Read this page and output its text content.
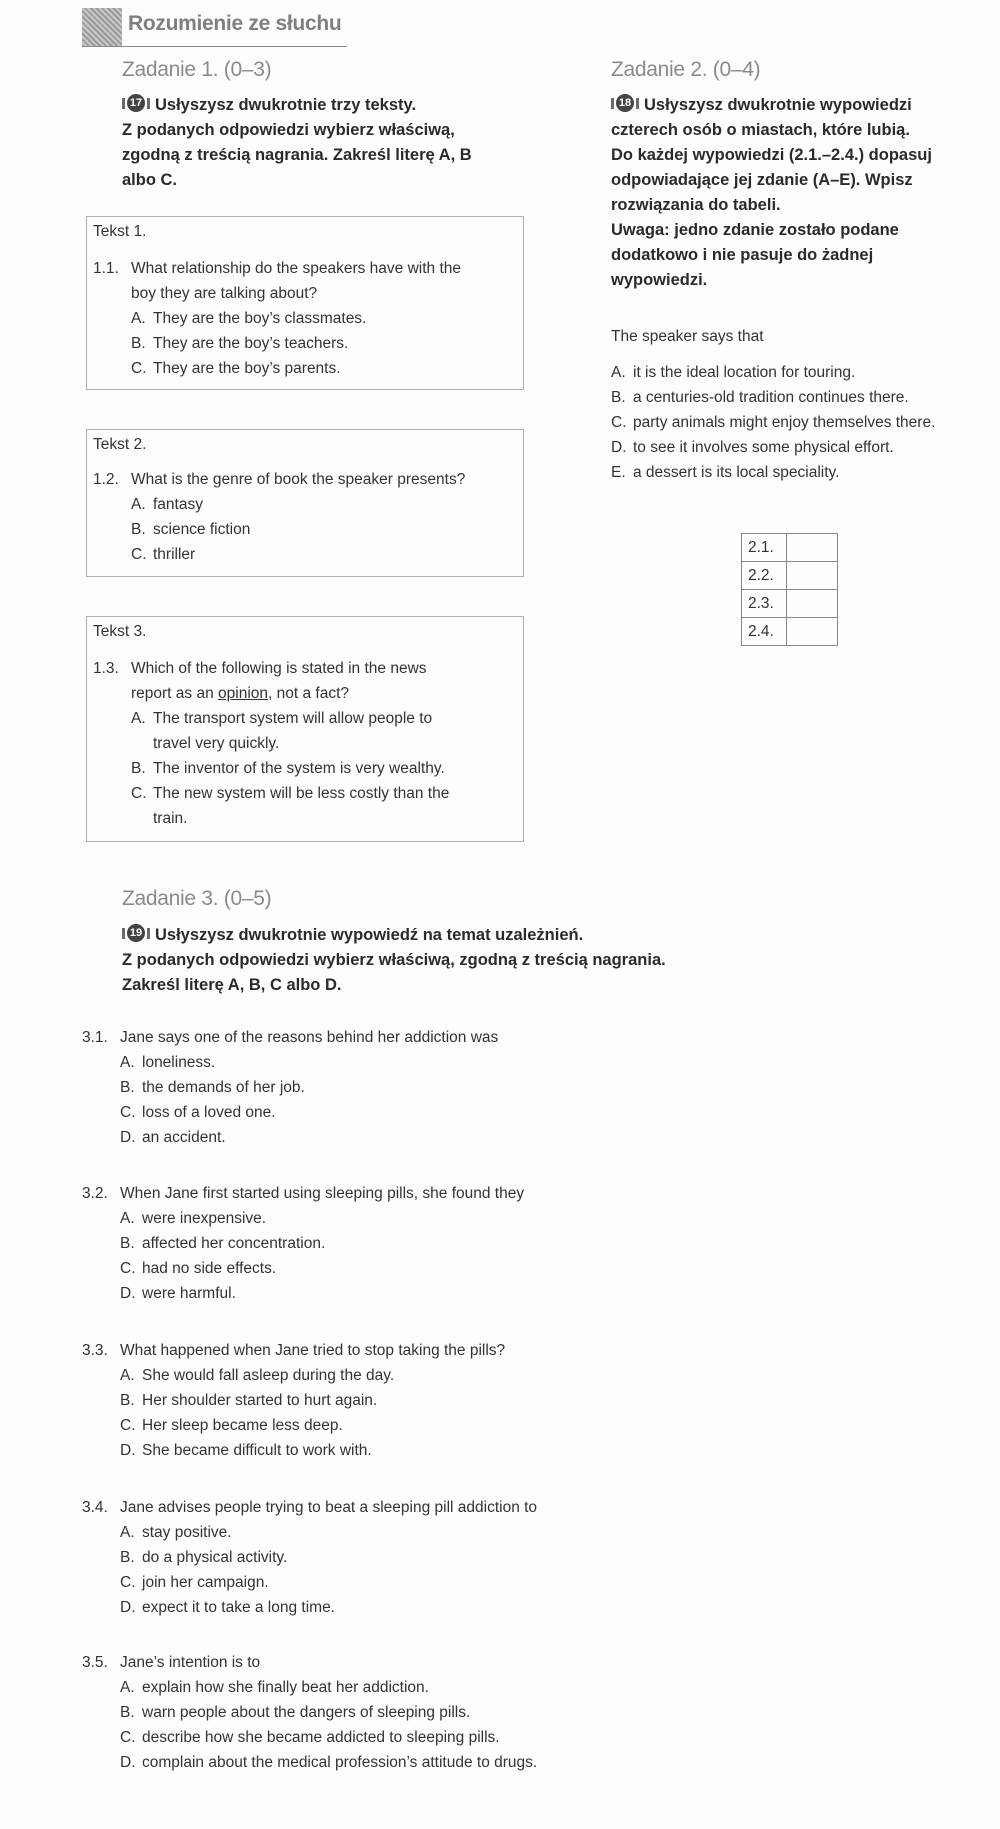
Rozumienie ze słuchu
Zadanie 1. (0–3)
17 Usłyszysz dwukrotnie trzy teksty.
Z podanych odpowiedzi wybierz właściwą,
zgodną z treścią nagrania. Zakreśl literę A, B
albo C.
Tekst 1.
1.1. What relationship do the speakers have with the
boy they are talking about?
A. They are the boy’s classmates.
B. They are the boy’s teachers.
C. They are the boy’s parents.
Tekst 2.
1.2. What is the genre of book the speaker presents?
A. fantasy
B. science fiction
C. thriller
Tekst 3.
1.3. Which of the following is stated in the news
report as an opinion, not a fact?
A. The transport system will allow people to
travel very quickly.
B. The inventor of the system is very wealthy.
C. The new system will be less costly than the
train.
Zadanie 2. (0–4)
18 Usłyszysz dwukrotnie wypowiedzi
czterech osób o miastach, które lubią.
Do każdej wypowiedzi (2.1.–2.4.) dopasuj
odpowiadające jej zdanie (A–E). Wpisz
rozwiązania do tabeli.
Uwaga: jedno zdanie zostało podane
dodatkowo i nie pasuje do żadnej
wypowiedzi.
The speaker says that
A. it is the ideal location for touring.
B. a centuries-old tradition continues there.
C. party animals might enjoy themselves there.
D. to see it involves some physical effort.
E. a dessert is its local speciality.
2.1.	
2.2.	
2.3.	
2.4.	
Zadanie 3. (0–5)
19 Usłyszysz dwukrotnie wypowiedź na temat uzależnień.
Z podanych odpowiedzi wybierz właściwą, zgodną z treścią nagrania.
Zakreśl literę A, B, C albo D.
3.1. Jane says one of the reasons behind her addiction was
A. loneliness.
B. the demands of her job.
C. loss of a loved one.
D. an accident.
3.2. When Jane first started using sleeping pills, she found they
A. were inexpensive.
B. affected her concentration.
C. had no side effects.
D. were harmful.
3.3. What happened when Jane tried to stop taking the pills?
A. She would fall asleep during the day.
B. Her shoulder started to hurt again.
C. Her sleep became less deep.
D. She became difficult to work with.
3.4. Jane advises people trying to beat a sleeping pill addiction to
A. stay positive.
B. do a physical activity.
C. join her campaign.
D. expect it to take a long time.
3.5. Jane’s intention is to
A. explain how she finally beat her addiction.
B. warn people about the dangers of sleeping pills.
C. describe how she became addicted to sleeping pills.
D. complain about the medical profession’s attitude to drugs.
